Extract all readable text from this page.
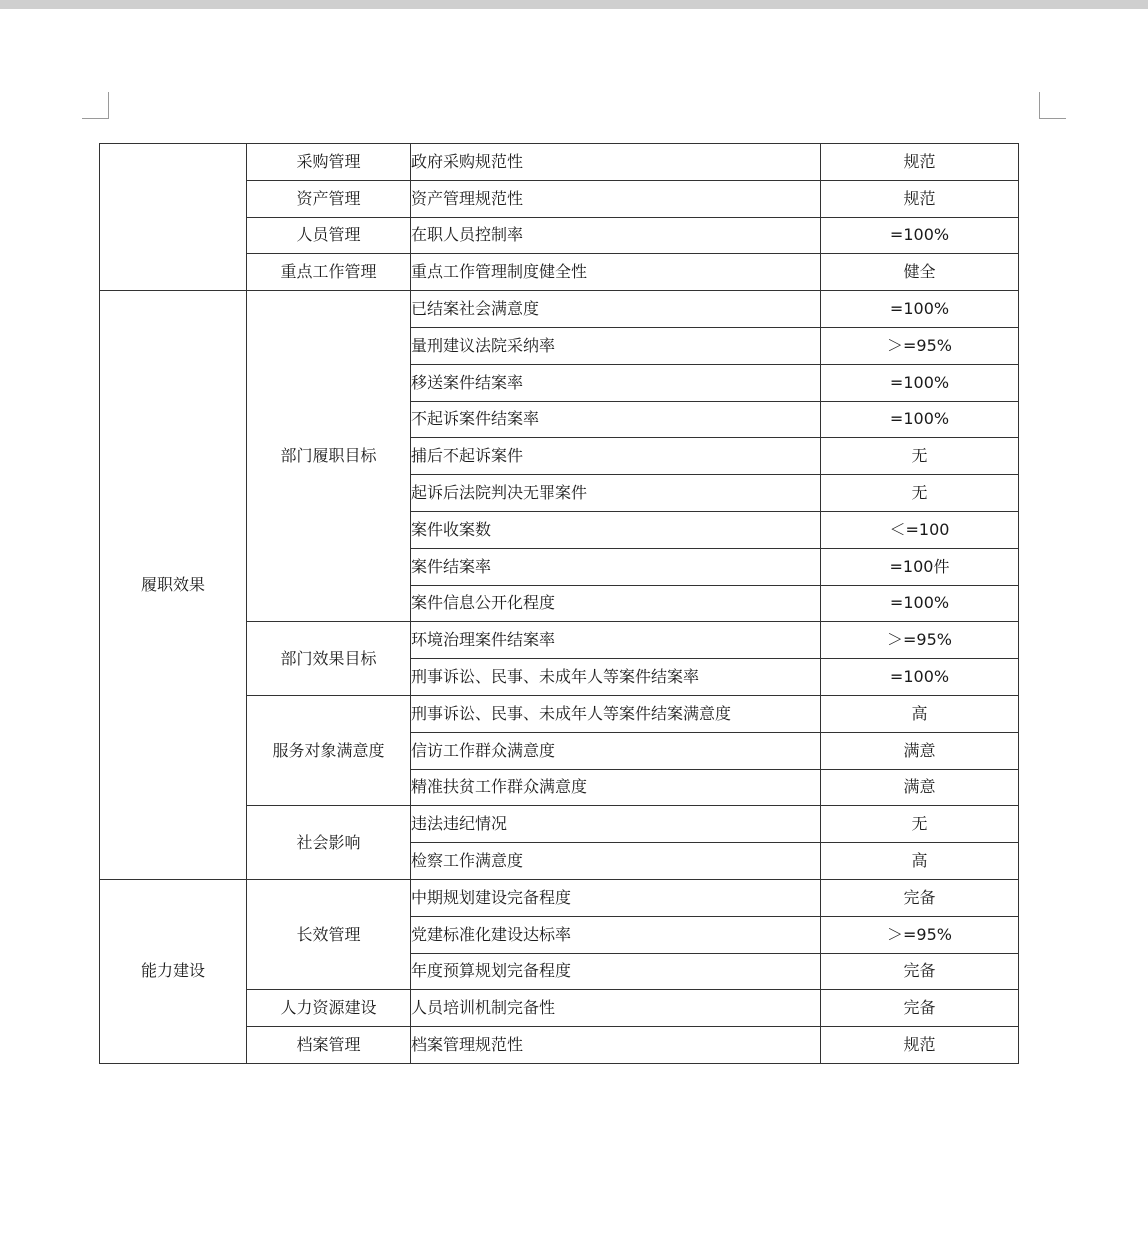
	采购管理	政府采购规范性	规范
	资产管理	资产管理规范性	规范
	人员管理	在职人员控制率	=100%
	重点工作管理	重点工作管理制度健全性	健全
履职效果	部门履职目标	已结案社会满意度	=100%
		量刑建议法院采纳率	＞=95%
		移送案件结案率	=100%
		不起诉案件结案率	=100%
		捕后不起诉案件	无
		起诉后法院判决无罪案件	无
		案件收案数	＜=100
		案件结案率	=100件
		案件信息公开化程度	=100%
	部门效果目标	环境治理案件结案率	＞=95%
		刑事诉讼、民事、未成年人等案件结案率	=100%
	服务对象满意度	刑事诉讼、民事、未成年人等案件结案满意度	高
		信访工作群众满意度	满意
		精准扶贫工作群众满意度	满意
	社会影响	违法违纪情况	无
		检察工作满意度	高
能力建设	长效管理	中期规划建设完备程度	完备
		党建标准化建设达标率	＞=95%
		年度预算规划完备程度	完备
	人力资源建设	人员培训机制完备性	完备
	档案管理	档案管理规范性	规范
